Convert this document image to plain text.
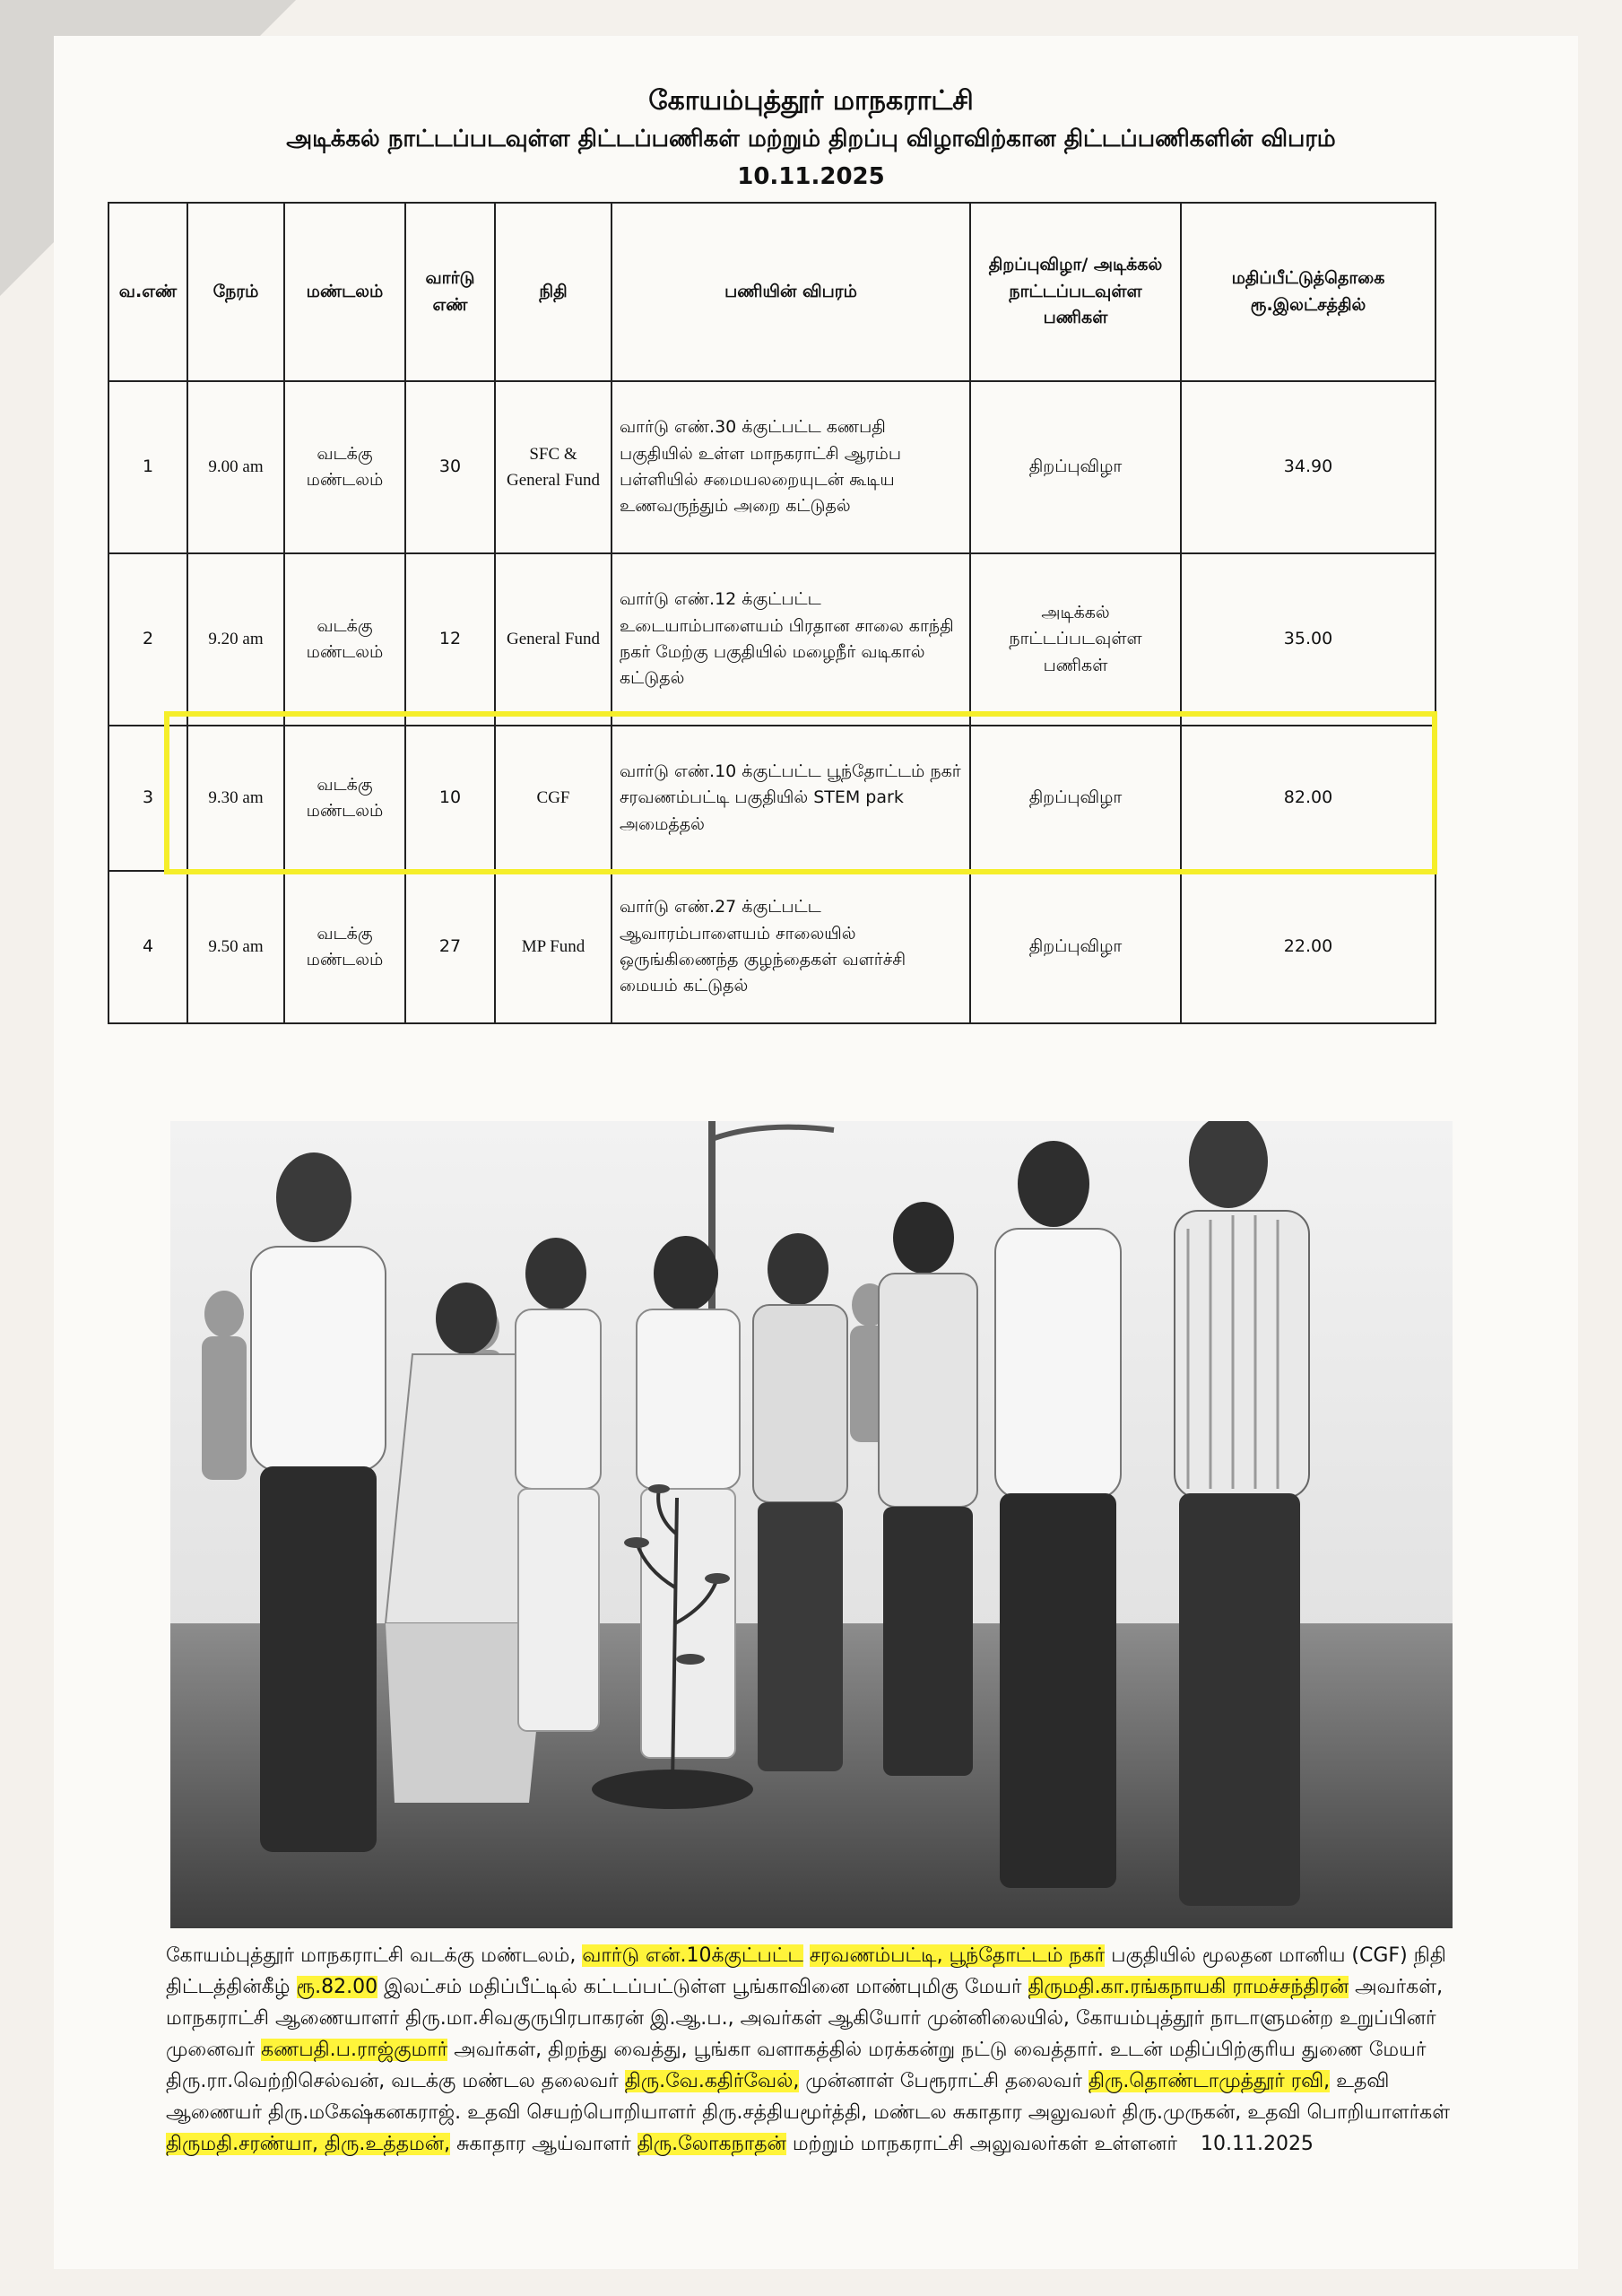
கோயம்புத்தூர் மாநகராட்சி
அடிக்கல் நாட்டப்படவுள்ள திட்டப்பணிகள் மற்றும் திறப்பு விழாவிற்கான திட்டப்பணிகளின் விபரம்
10.11.2025
வ.எண்	நேரம்	மண்டலம்	வார்டு எண்	நிதி	பணியின் விபரம்	திறப்புவிழா/ அடிக்கல் நாட்டப்படவுள்ள பணிகள்	மதிப்பீட்டுத்தொகை ரூ.இலட்சத்தில்
1	9.00 am	வடக்கு மண்டலம்	30	SFC & General Fund	வார்டு எண்.30 க்குட்பட்ட கணபதி பகுதியில் உள்ள மாநகராட்சி ஆரம்ப பள்ளியில் சமையலறையுடன் கூடிய உணவருந்தும் அறை கட்டுதல்	திறப்புவிழா	34.90
2	9.20 am	வடக்கு மண்டலம்	12	General Fund	வார்டு எண்.12 க்குட்பட்ட உடையாம்பாளையம் பிரதான சாலை காந்தி நகர் மேற்கு பகுதியில் மழைநீர் வடிகால் கட்டுதல்	அடிக்கல் நாட்டப்படவுள்ள பணிகள்	35.00
3	9.30 am	வடக்கு மண்டலம்	10	CGF	வார்டு எண்.10 க்குட்பட்ட பூந்தோட்டம் நகர் சரவணம்பட்டி பகுதியில் STEM park அமைத்தல்	திறப்புவிழா	82.00
4	9.50 am	வடக்கு மண்டலம்	27	MP Fund	வார்டு எண்.27 க்குட்பட்ட ஆவாரம்பாளையம் சாலையில் ஒருங்கிணைந்த குழந்தைகள் வளர்ச்சி மையம் கட்டுதல்	திறப்புவிழா	22.00

கோயம்புத்தூர் மாநகராட்சி வடக்கு மண்டலம், வார்டு என்.10க்குட்பட்ட சரவணம்பட்டி, பூந்தோட்டம் நகர் பகுதியில் மூலதன மானிய (CGF) நிதி திட்டத்தின்கீழ் ரூ.82.00 இலட்சம் மதிப்பீட்டில் கட்டப்பட்டுள்ள பூங்காவினை மாண்புமிகு மேயர் திருமதி.கா.ரங்கநாயகி ராமச்சந்திரன் அவர்கள், மாநகராட்சி ஆணையாளர் திரு.மா.சிவகுருபிரபாகரன் இ.ஆ.ப., அவர்கள் ஆகியோர் முன்னிலையில், கோயம்புத்தூர் நாடாளுமன்ற உறுப்பினர் முனைவர் கணபதி.ப.ராஜ்குமார் அவர்கள், திறந்து வைத்து, பூங்கா வளாகத்தில் மரக்கன்று நட்டு வைத்தார். உடன் மதிப்பிற்குரிய துணை மேயர் திரு.ரா.வெற்றிசெல்வன், வடக்கு மண்டல தலைவர் திரு.வே.கதிர்வேல், முன்னாள் பேரூராட்சி தலைவர் திரு.தொண்டாமுத்தூர் ரவி, உதவி ஆணையர் திரு.மகேஷ்கனகராஜ். உதவி செயற்பொறியாளர் திரு.சத்தியமூர்த்தி, மண்டல சுகாதார அலுவலர் திரு.முருகன், உதவி பொறியாளர்கள் திருமதி.சரண்யா, திரு.உத்தமன், சுகாதார ஆய்வாளர் திரு.லோகநாதன் மற்றும் மாநகராட்சி அலுவலர்கள் உள்ளனர் 10.11.2025
